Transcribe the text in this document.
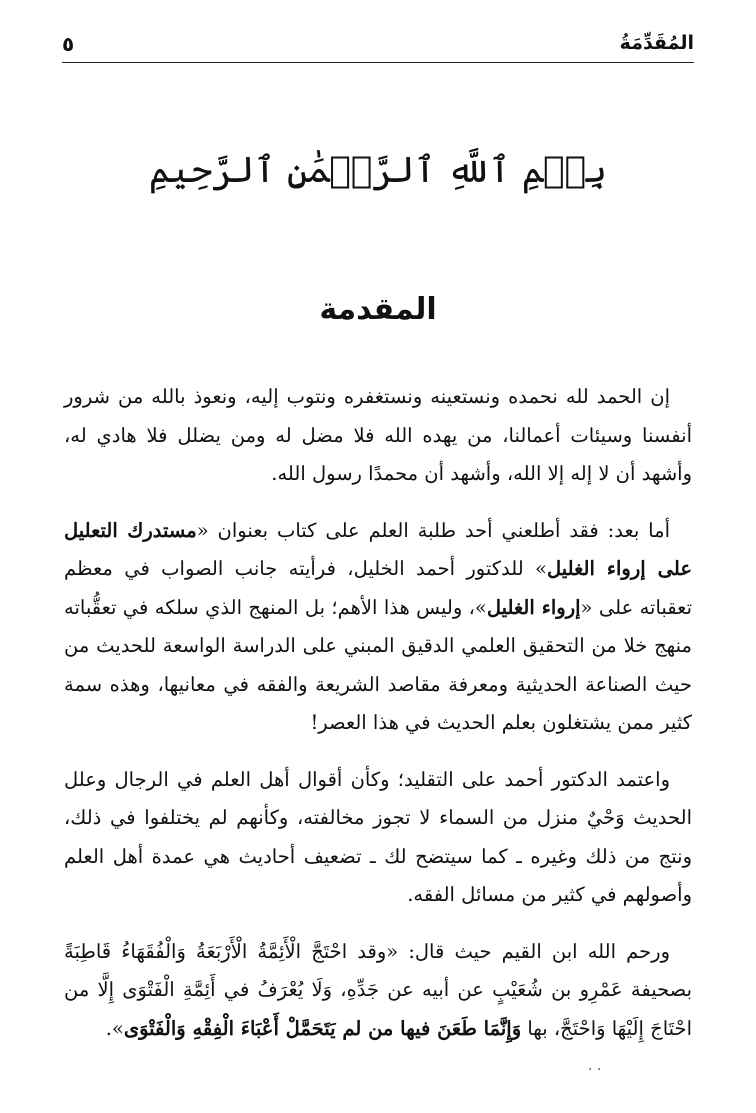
المُقَدِّمَةُ
٥
بِسۡمِ ٱللَّهِ ٱلرَّحۡمَٰنِ ٱلرَّحِيمِ
المقدمة

إن الحمد لله نحمده ونستعينه ونستغفره ونتوب إليه، ونعوذ بالله من شرور أنفسنا وسيئات أعمالنا، من يهده الله فلا مضل له ومن يضلل فلا هادي له، وأشهد أن لا إله إلا الله، وأشهد أن محمدًا رسول الله.

أما بعد: فقد أطلعني أحد طلبة العلم على كتاب بعنوان «مستدرك التعليل على إرواء الغليل» للدكتور أحمد الخليل، فرأيته جانب الصواب في معظم تعقباته على «إرواء الغليل»، وليس هذا الأهم؛ بل المنهج الذي سلكه في تعقُّباته منهج خلا من التحقيق العلمي الدقيق المبني على الدراسة الواسعة للحديث من حيث الصناعة الحديثية ومعرفة مقاصد الشريعة والفقه في معانيها، وهذه سمة كثير ممن يشتغلون بعلم الحديث في هذا العصر!

واعتمد الدكتور أحمد على التقليد؛ وكأن أقوال أهل العلم في الرجال وعلل الحديث وَحْيٌ منزل من السماء لا تجوز مخالفته، وكأنهم لم يختلفوا في ذلك، ونتج من ذلك وغيره ـ كما سيتضح لك ـ تضعيف أحاديث هي عمدة أهل العلم وأصولهم في كثير من مسائل الفقه.

ورحم الله ابن القيم حيث قال: «وقد احْتَجَّ الْأَئِمَّةُ الْأَرْبَعَةُ وَالْفُقَهَاءُ قَاطِبَةً بصحيفة عَمْرِو بن شُعَيْبٍ عن أبيه عن جَدِّهِ، وَلَا يُعْرَفُ في أَئِمَّةِ الْفَتْوَى إِلَّا من احْتَاجَ إِلَيْهَا وَاحْتَجَّ، بها وَإِنَّمَا طَعَنَ فيها من لم يَتَحَمَّلْ أَعْبَاءَ الْفِقْهِ وَالْفَتْوَى».

· ·
